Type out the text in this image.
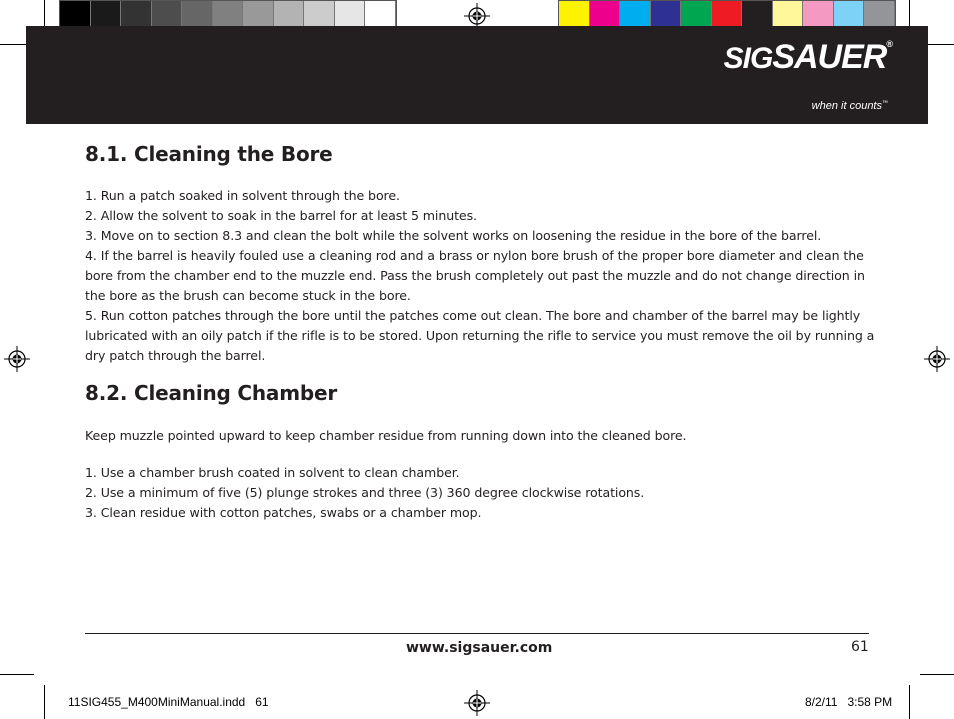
SIGSAUER®
when it counts™
8.1. Cleaning the Bore

1. Run a patch soaked in solvent through the bore.

2. Allow the solvent to soak in the barrel for at least 5 minutes.

3. Move on to section 8.3 and clean the bolt while the solvent works on loosening the residue in the bore of the barrel.

4. If the barrel is heavily fouled use a cleaning rod and a brass or nylon bore brush of the proper bore diameter and clean the bore from the chamber end to the muzzle end. Pass the brush completely out past the muzzle and do not change direction in the bore as the brush can become stuck in the bore.

5. Run cotton patches through the bore until the patches come out clean. The bore and chamber of the barrel may be lightly lubricated with an oily patch if the rifle is to be stored. Upon returning the rifle to service you must remove the oil by running a dry patch through the barrel.

8.2. Cleaning Chamber

Keep muzzle pointed upward to keep chamber residue from running down into the cleaned bore.

1. Use a chamber brush coated in solvent to clean chamber.

2. Use a minimum of five (5) plunge strokes and three (3) 360 degree clockwise rotations.

3. Clean residue with cotton patches, swabs or a chamber mop.

www.sigsauer.com	61
11SIG455_M400MiniManual.indd   61	8/2/11   3:58 PM
